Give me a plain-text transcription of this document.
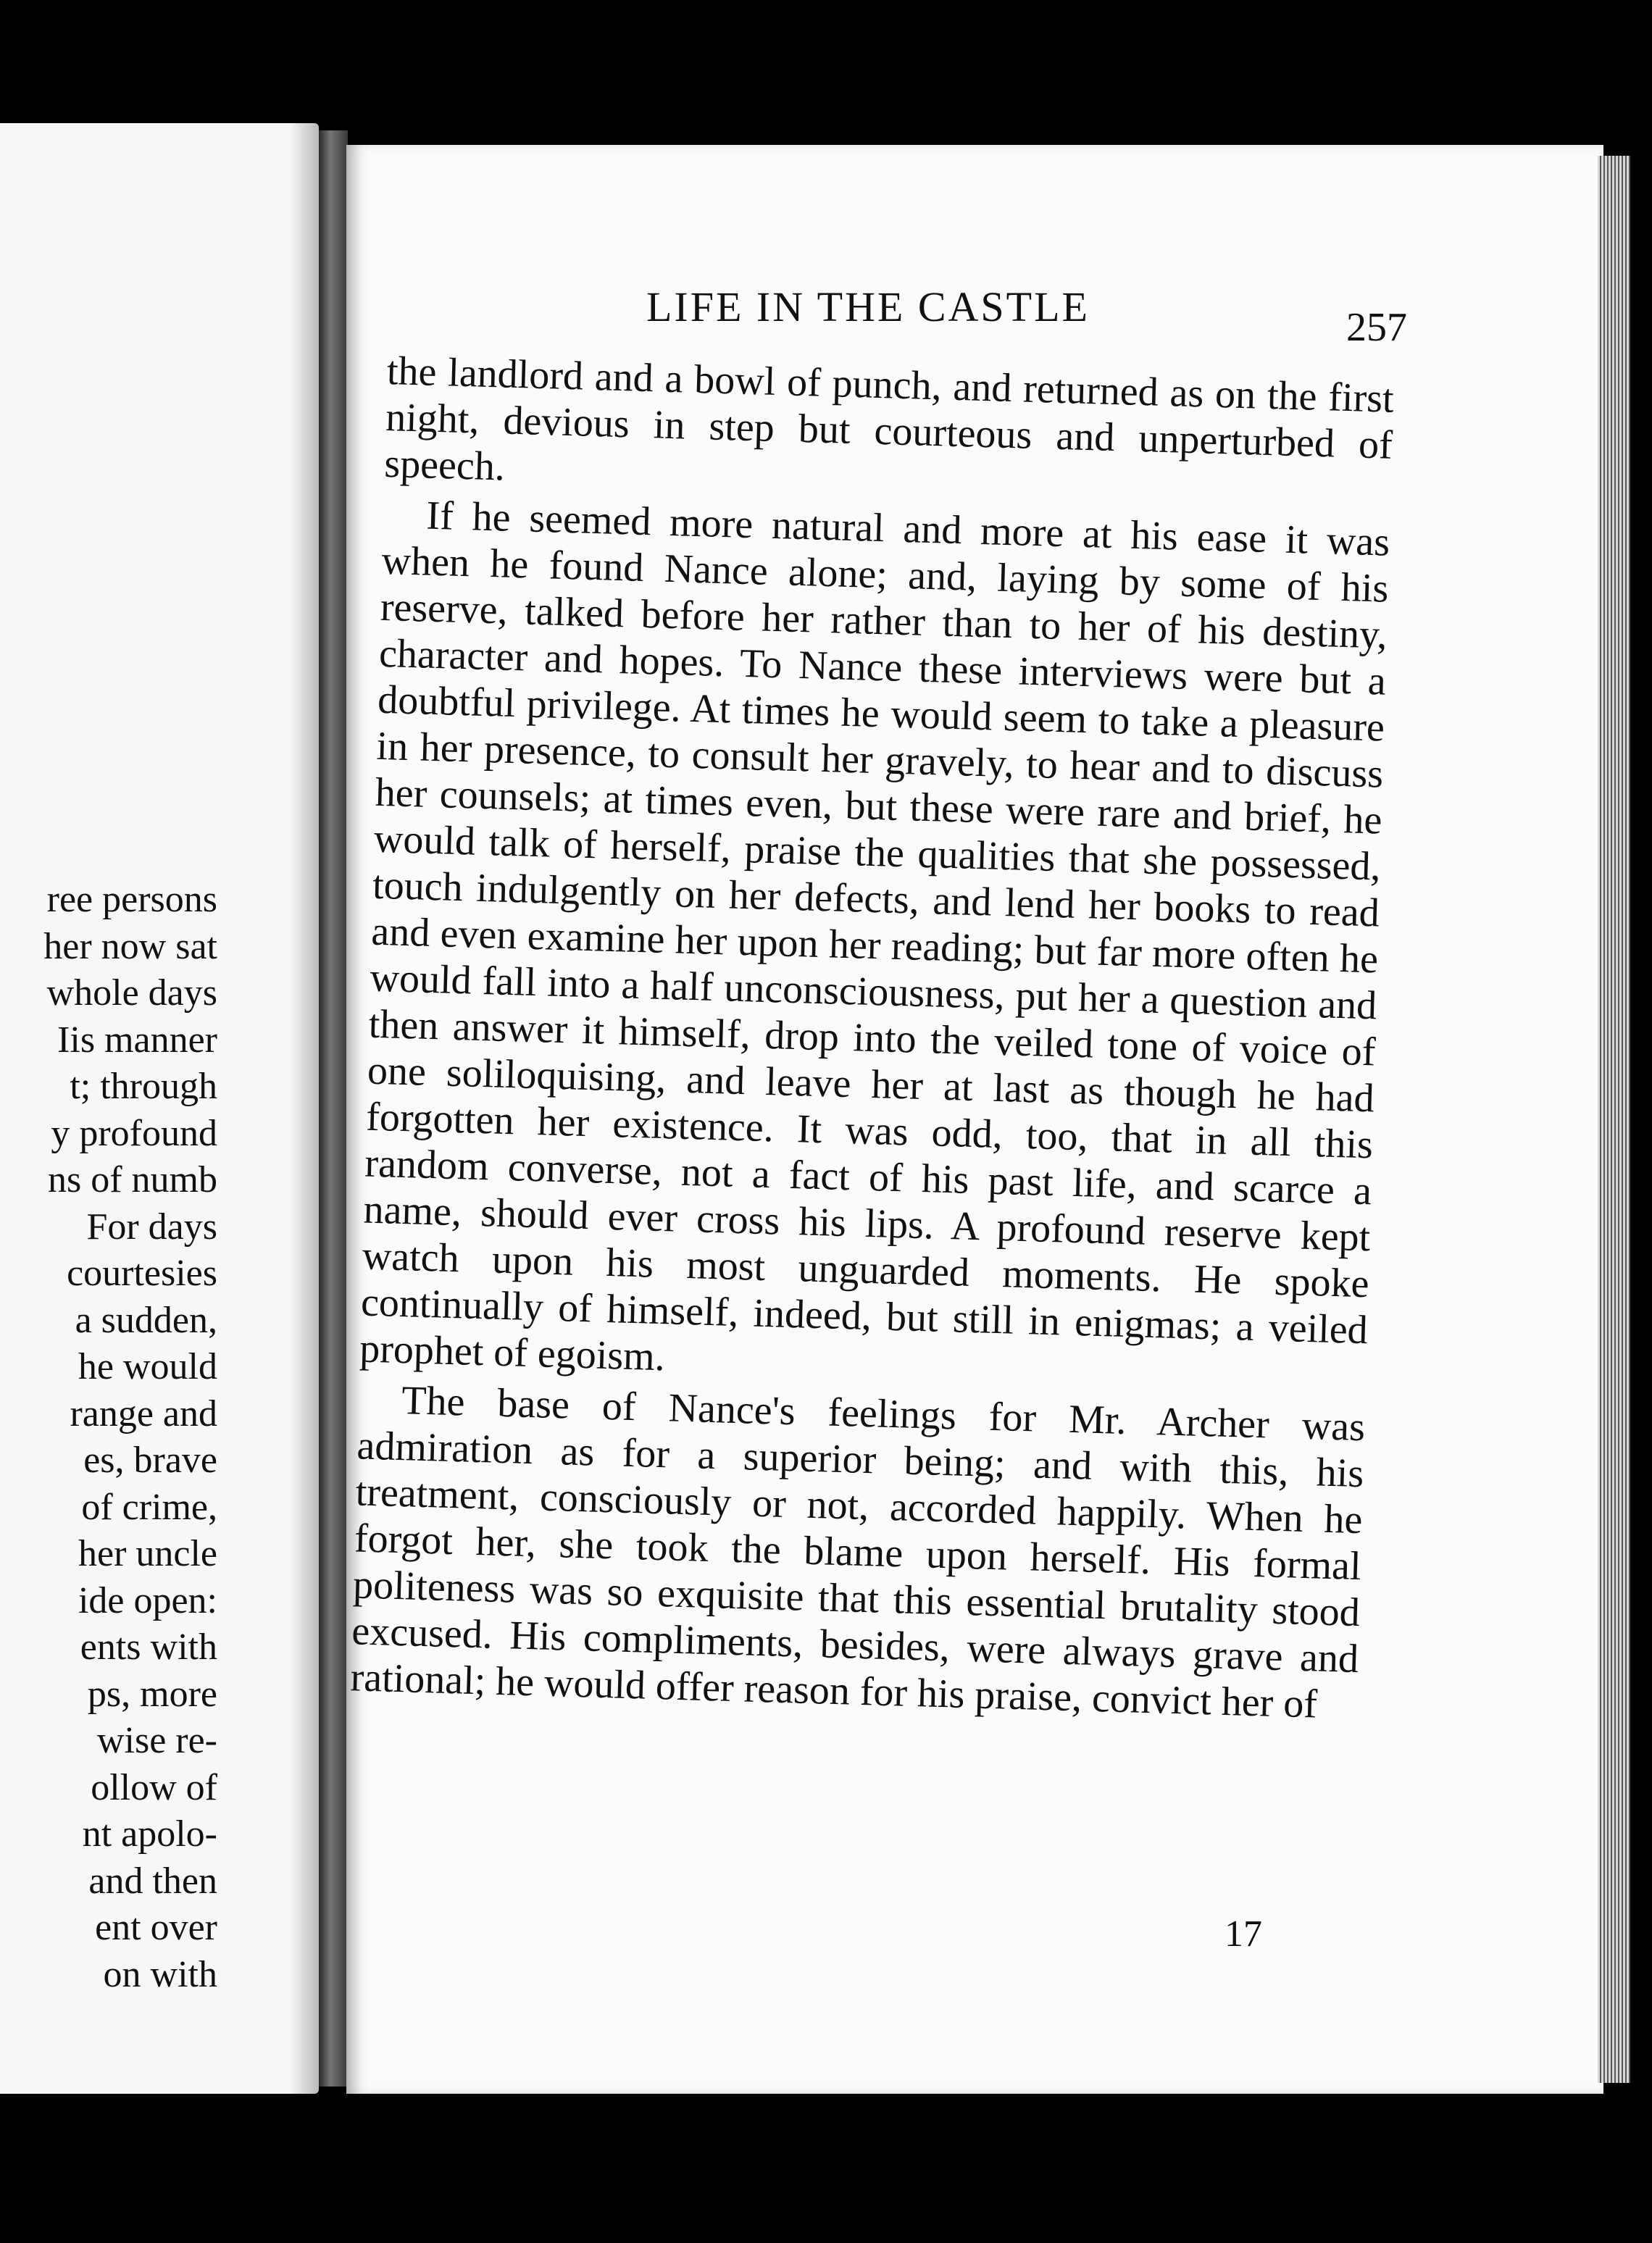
ree persons
her now sat
whole days
Iis manner
t; through
y profound
ns of numb
For days
courtesies
a sudden,
he would
range and
es, brave
of crime,
her uncle
ide open:
ents with
ps, more
wise re-
ollow of
nt apolo-
and then
ent over
on with
LIFE IN THE CASTLE	257

the landlord and a bowl of punch, and returned as on the first night, devious in step but courteous and unperturbed of speech.

If he seemed more natural and more at his ease it was when he found Nance alone; and, laying by some of his reserve, talked before her rather than to her of his destiny, character and hopes. To Nance these interviews were but a doubtful privilege. At times he would seem to take a pleasure in her presence, to consult her gravely, to hear and to discuss her counsels; at times even, but these were rare and brief, he would talk of herself, praise the qualities that she possessed, touch indulgently on her defects, and lend her books to read and even examine her upon her reading; but far more often he would fall into a half unconsciousness, put her a question and then answer it himself, drop into the veiled tone of voice of one soliloquising, and leave her at last as though he had forgotten her existence. It was odd, too, that in all this random converse, not a fact of his past life, and scarce a name, should ever cross his lips. A profound reserve kept watch upon his most unguarded moments. He spoke continually of himself, indeed, but still in enigmas; a veiled prophet of egoism.

The base of Nance's feelings for Mr. Archer was admiration as for a superior being; and with this, his treatment, consciously or not, accorded happily. When he forgot her, she took the blame upon herself. His formal politeness was so exquisite that this essential brutality stood excused. His compliments, besides, were always grave and rational; he would offer reason for his praise, convict her of

17
